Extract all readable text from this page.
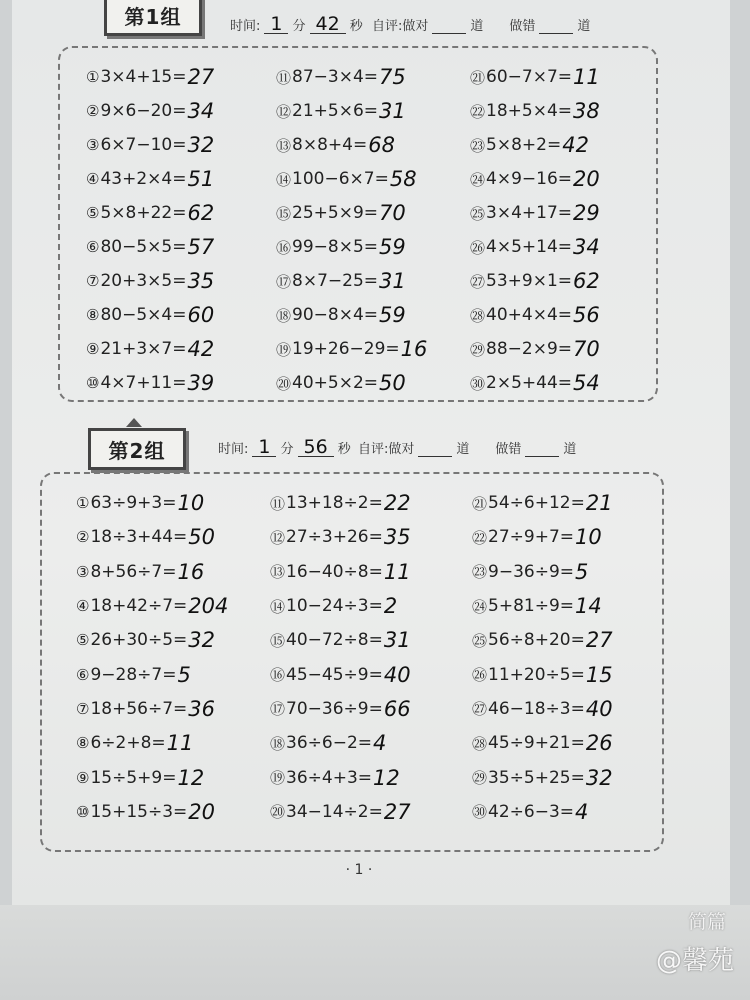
第1组	时间: 1 分 42 秒 自评:做对	道 做错	道
① 3×4+15= 27
② 9×6−20= 34
③ 6×7−10= 32
④ 43+2×4= 51
⑤ 5×8+22= 62
⑥ 80−5×5= 57
⑦ 20+3×5= 35
⑧ 80−5×4= 60
⑨ 21+3×7= 42
⑩ 4×7+11= 39
⑪ 87−3×4= 75
⑫ 21+5×6= 31
⑬ 8×8+4= 68
⑭ 100−6×7= 58
⑮ 25+5×9= 70
⑯ 99−8×5= 59
⑰ 8×7−25= 31
⑱ 90−8×4= 59
⑲ 19+26−29= 16
⑳ 40+5×2= 50
㉑ 60−7×7= 11
㉒ 18+5×4= 38
㉓ 5×8+2= 42
㉔ 4×9−16= 20
㉕ 3×4+17= 29
㉖ 4×5+14= 34
㉗ 53+9×1= 62
㉘ 40+4×4= 56
㉙ 88−2×9= 70
㉚ 2×5+44= 54
第2组	时间: 1 分 56 秒 自评:做对	道 做错	道
① 63÷9+3= 10
② 18÷3+44= 50
③ 8+56÷7= 16
④ 18+42÷7= 204
⑤ 26+30÷5= 32
⑥ 9−28÷7= 5
⑦ 18+56÷7= 36
⑧ 6÷2+8= 11
⑨ 15÷5+9= 12
⑩ 15+15÷3= 20
⑪ 13+18÷2= 22
⑫ 27÷3+26= 35
⑬ 16−40÷8= 11
⑭ 10−24÷3= 2
⑮ 40−72÷8= 31
⑯ 45−45÷9= 40
⑰ 70−36÷9= 66
⑱ 36÷6−2= 4
⑲ 36÷4+3= 12
⑳ 34−14÷2= 27
㉑ 54÷6+12= 21
㉒ 27÷9+7= 10
㉓ 9−36÷9= 5
㉔ 5+81÷9= 14
㉕ 56÷8+20= 27
㉖ 11+20÷5= 15
㉗ 46−18÷3= 40
㉘ 45÷9+21= 26
㉙ 35÷5+25= 32
㉚ 42÷6−3= 4
· 1 ·
简篇
@馨苑
